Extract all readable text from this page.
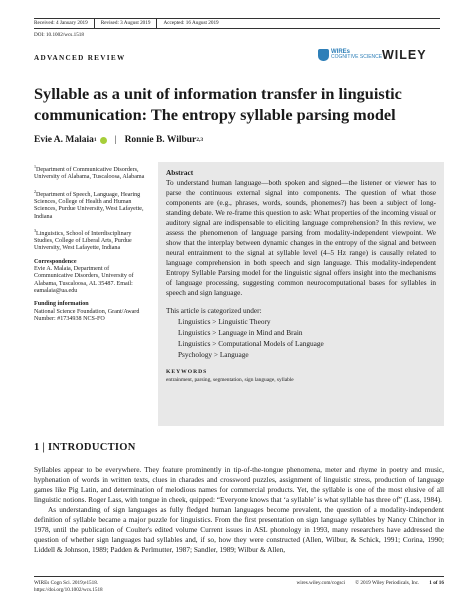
Received: 4 January 2019	Revised: 3 August 2019	Accepted: 16 August 2019
DOI: 10.1002/wcs.1518
ADVANCED REVIEW
WIREs
COGNITIVE SCIENCE WILEY
Syllable as a unit of information transfer in linguistic communication: The entropy syllable parsing model
Evie A. Malaia 1 | Ronnie B. Wilbur 2,3

$^1$Department of Communicative Disorders, University of Alabama, Tuscaloosa, Alabama

$^2$Department of Speech, Language, Hearing Sciences, College of Health and Human Sciences, Purdue University, West Lafayette, Indiana

$^3$Linguistics, School of Interdisciplinary Studies, College of Liberal Arts, Purdue University, West Lafayette, Indiana

Correspondence

Evie A. Malaia, Department of Communicative Disorders, University of Alabama, Tuscaloosa, AL 35487. Email: eamalaia@ua.edu

Funding information

National Science Foundation, Grant/Award Number: #1734938 NCS-FO

Abstract
To understand human language—both spoken and signed—the listener or viewer has to parse the continuous external signal into components. The question of what those components are (e.g., phrases, words, sounds, phonemes?) has been a subject of long-standing debate. We re-frame this question to ask: What properties of the incoming visual or auditory signal are indispensable to eliciting language comprehension? In this review, we assess the phenomenon of language parsing from modality-independent viewpoint. We show that the interplay between dynamic changes in the entropy of the signal and between neural entrainment to the signal at syllable level (4–5 Hz range) is causally related to language comprehension in both speech and sign language. This modality-independent Entropy Syllable Parsing model for the linguistic signal offers insight into the mechanisms of language processing, suggesting common neurocomputational bases for syllables in speech and sign language.
This article is categorized under:
Linguistics > Linguistic Theory
Linguistics > Language in Mind and Brain
Linguistics > Computational Models of Language
Psychology > Language
KEYWORDS
entrainment, parsing, segmentation, sign language, syllable
1 | INTRODUCTION

Syllables appear to be everywhere. They feature prominently in tip-of-the-tongue phenomena, meter and rhyme in poetry and music, hyphenation of words in written texts, clues in charades and crossword puzzles, assignment of linguistic stress, production of language games like Pig Latin, and determination of melodious names for commercial products. Yet, the syllable is one of the most elusive of all linguistic notions. Roger Lass, with tongue in cheek, quipped: “Everyone knows that ‘a syllable’ is what syllable has three of” (Lass, 1984).

As understanding of sign languages as fully fledged human languages become prevalent, the question of a modality-independent definition of syllable became a major puzzle for linguistics. From the first presentation on sign language syllables by Nancy Chinchor in 1978, until the publication of Coulter's edited volume Current issues in ASL phonology in 1993, many researchers have addressed the question of whether sign languages had syllables and, if so, how they were constructed (Allen, Wilbur, & Schick, 1991; Corina, 1990; Liddell & Johnson, 1989; Padden & Perlmutter, 1987; Sandler, 1989; Wilbur & Allen,

WIREs Cogn Sci. 2019;e1518.
https://doi.org/10.1002/wcs.1518
wires.wiley.com/cogsci © 2019 Wiley Periodicals, Inc. 1 of 16
